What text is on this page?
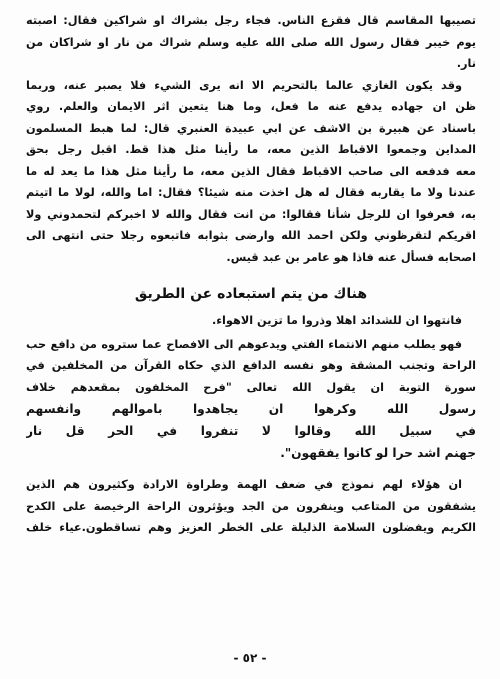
تصيبها المقاسم قال فقزع الناس. فجاء رجل بشراك او شراكين فقال: اصبته
يوم خيبر فقال رسول الله صلى الله عليه وسلم شراك من نار او شراكان من
نار.
وقد يكون الغازي عالما بالتحريم الا انه يرى الشيء فلا يصبر عنه، وربما
ظن ان جهاده يدفع عنه ما فعل، وما هنا يتعين اثر الايمان والعلم. روي
باسناد عن هبيرة بن الاشف عن ابي عبيدة العنبري قال: لما هبط المسلمون
المداين وجمعوا الاقباط الذين معه، ما رأينا مثل هذا قط. اقبل رجل بحق
معه فدفعه الى صاحب الاقباط فقال الذين معه، ما رأينا مثل هذا ما يعد له ما
عندنا ولا ما يقاربه فقال له هل اخذت منه شيئا؟ فقال: اما والله، لولا ما اتيتم
به، فعرفوا ان للرجل شأنا فقالوا: من انت فقال والله لا اخبركم لتحمدوني ولا
اقريكم لتقرظوني ولكن احمد الله وارضى بثوابه فاتبعوه رجلا حتى انتهى الى
اصحابه فسأل عنه فاذا هو عامر بن عبد قيس.
هناك من يتم استبعاده عن الطريق
فانتهوا ان للشدائد اهلا وذروا ما تزين الاهواء.
فهو يطلب منهم الانتماء الفتي ويدعوهم الى الافصاح عما ستروه من دافع حب
الراحة وتجنب المشقة وهو نفسه الدافع الذي حكاه القرآن من المخلفين في
سورة التوبة ان يقول الله تعالى "فرح المخلفون بمقعدهم خلاف
رسول الله وكرهوا ان يجاهدوا باموالهم وانفسهم
في سبيل الله وقالوا لا تنفروا في الحر قل نار
جهنم اشد حرا لو كانوا يفقهون".
ان هؤلاء لهم نموذج في ضعف الهمة وطراوة الارادة وكثيرون هم الذين
يشفقون من المتاعب وينفرون من الجد ويؤثرون الراحة الرخيصة على الكدح
الكريم ويفضلون السلامة الذليلة على الخطر العزيز وهم تساقطون.عياء خلف
- ٥٢ -
